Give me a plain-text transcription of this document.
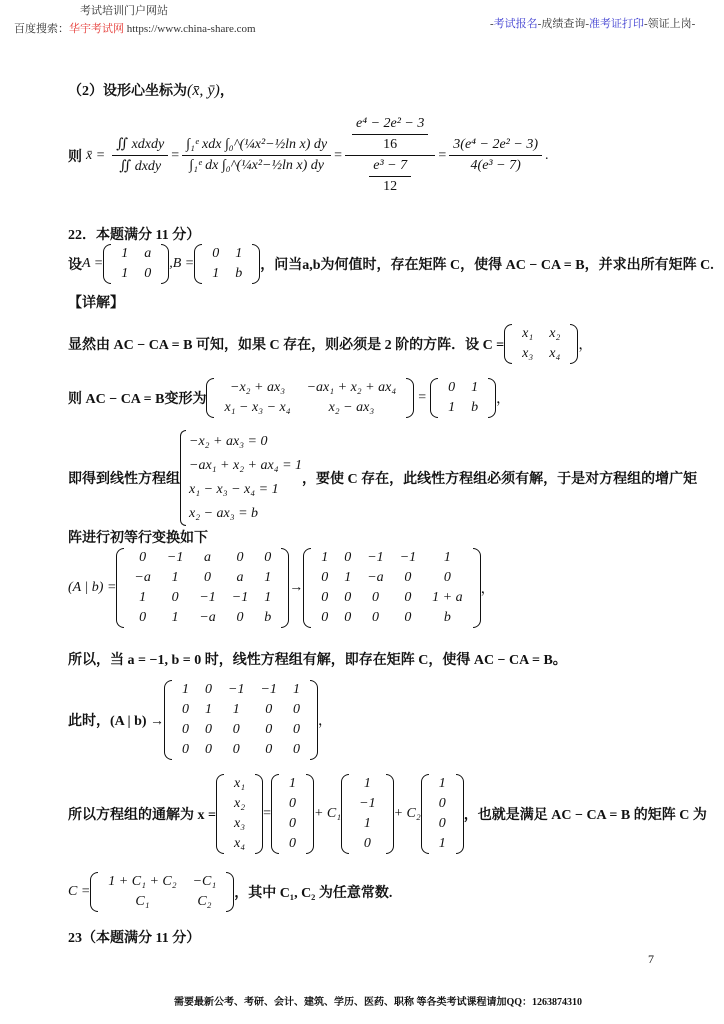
考试培训门户网站
百度搜索：华宇考试网 https://www.china-share.com	-考试报名-成绩查询-准考证打印-领证上岗-
（2）设形心坐标为(x̄, ȳ)，
则 x̄ = $\frac{\text{∬ xdxdy}}{\text{∬ dxdy}} = \frac{\text{∫₁ᵉ xdx ∫₀\textasciicircum{}(¼x²−½ln x) dy}}{\text{∫₁ᵉ dx ∫₀\textasciicircum{}(¼x²−½ln x) dy}} = \frac{\frac{\text{e⁴ − 2e² − 3}}{16}}{\frac{\text{e³ − 7}}{12}} = \frac{\text{3(e⁴ − 2e² − 3)}}{\text{4(e³ − 7)}}$ .
22．本题满分 11 分）
设 A =
1	a
1	0
,B =
0	1
1	b
，问当a,b为何值时，存在矩阵 C，使得 AC − CA = B，并求出所有矩阵 C.
【详解】
显然由 AC − CA = B 可知，如果 C 存在，则必须是 2 阶的方阵．设 C =
x₁	x₂
x₃	x₄
，
则 AC − CA = B变形为
−x₂ + ax₃	−ax₁ + x₂ + ax₄
x₁ − x₃ − x₄	x₂ − ax₃
=
0	1
1	b
，
即得到线性方程组
−x₂ + ax₃ = 0
−ax₁ + x₂ + ax₄ = 1
x₁ − x₃ − x₄ = 1
x₂ − ax₃ = b
，要使 C 存在，此线性方程组必须有解，于是对方程组的增广矩
阵进行初等行变换如下
(A | b) =
0	−1	a	0	0
−a	1	0	a	1
1	0	−1	−1	1
0	1	−a	0	b
→
1	0	−1	−1	1
0	1	−a	0	0
0	0	0	0	1 + a
0	0	0	0	b
，
所以，当 a = −1, b = 0 时，线性方程组有解，即存在矩阵 C，使得 AC − CA = B。
此时，(A | b) →
1	0	−1	−1	1
0	1	1	0	0
0	0	0	0	0
0	0	0	0	0
，
所以方程组的通解为 x =
x₁
x₂
x₃
x₄
=
1
0
0
0
+ C₁
1
−1
1
0
+ C₂
1
0
0
1
，也就是满足 AC − CA = B 的矩阵 C 为
C =
1 + C₁ + C₂	−C₁
C₁	C₂
，其中 C₁, C₂ 为任意常数.
23（本题满分 11 分）
7
需要最新公考、考研、会计、建筑、学历、医药、职称 等各类考试课程请加QQ：1263874310
